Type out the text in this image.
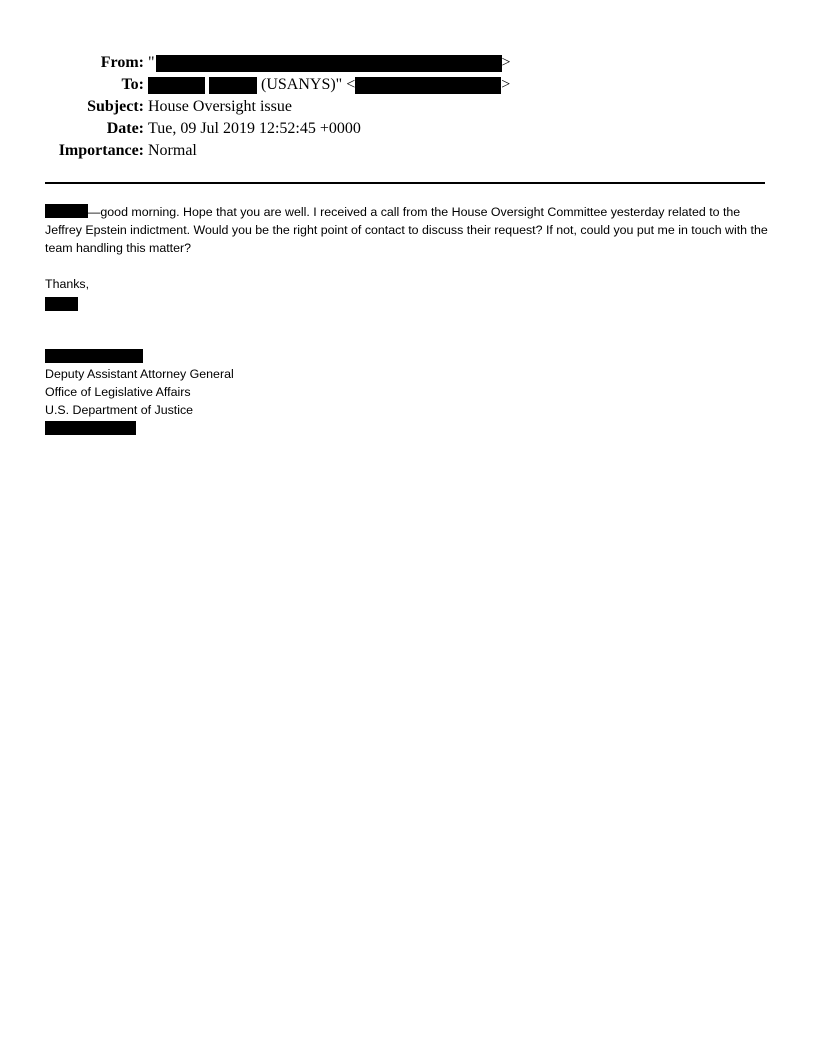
From: "	>
To:	(USANYS)" <	>
Subject: House Oversight issue
Date: Tue, 09 Jul 2019 12:52:45 +0000
Importance: Normal

—good morning. Hope that you are well. I received a call from the House Oversight Committee yesterday related to the Jeffrey Epstein indictment. Would you be the right point of contact to discuss their request? If not, could you put me in touch with the team handling this matter?

Thanks,
Deputy Assistant Attorney General
Office of Legislative Affairs
U.S. Department of Justice
